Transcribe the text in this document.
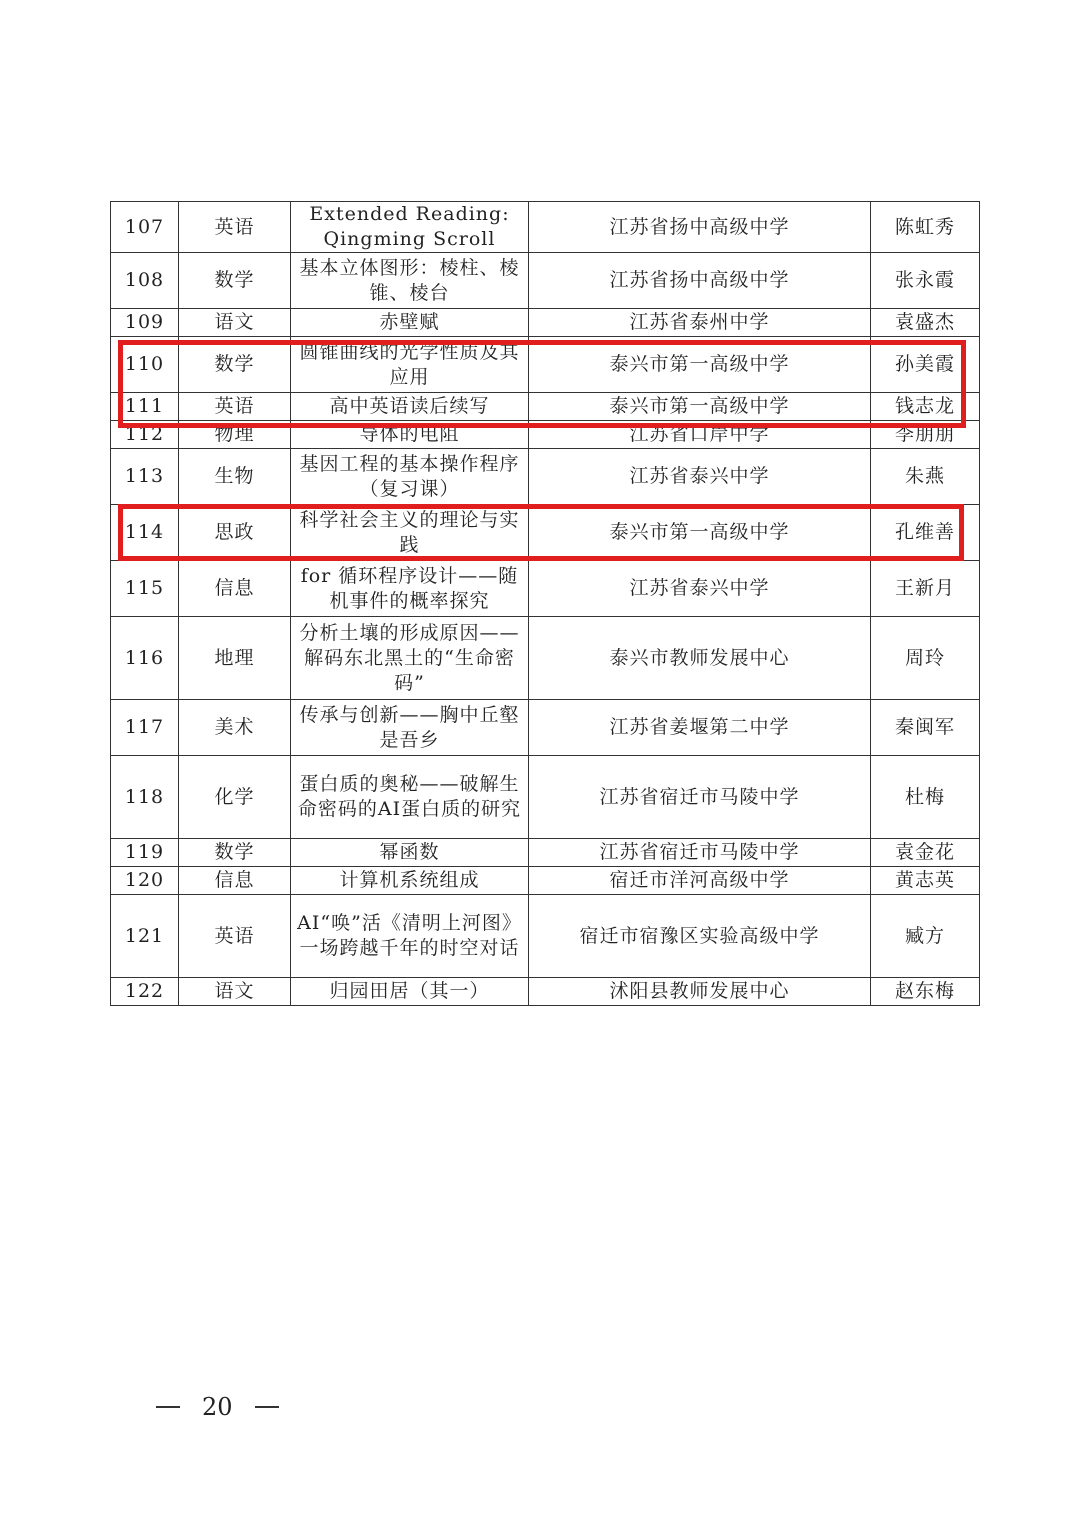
107	英语	Extended Reading: Qingming Scroll	江苏省扬中高级中学	陈虹秀
108	数学	基本立体图形：棱柱、棱锥、棱台	江苏省扬中高级中学	张永霞
109	语文	赤壁赋	江苏省泰州中学	袁盛杰
110	数学	圆锥曲线的光学性质及其应用	泰兴市第一高级中学	孙美霞
111	英语	高中英语读后续写	泰兴市第一高级中学	钱志龙
112	物理	导体的电阻	江苏省口岸中学	李朋朋
113	生物	基因工程的基本操作程序（复习课）	江苏省泰兴中学	朱燕
114	思政	科学社会主义的理论与实践	泰兴市第一高级中学	孔维善
115	信息	for 循环程序设计——随机事件的概率探究	江苏省泰兴中学	王新月
116	地理	分析土壤的形成原因——解码东北黑土的“生命密码”	泰兴市教师发展中心	周玲
117	美术	传承与创新——胸中丘壑是吾乡	江苏省姜堰第二中学	秦闽军
118	化学	蛋白质的奥秘——破解生命密码的AI蛋白质的研究	江苏省宿迁市马陵中学	杜梅
119	数学	幂函数	江苏省宿迁市马陵中学	袁金花
120	信息	计算机系统组成	宿迁市洋河高级中学	黄志英
121	英语	AI“唤”活《清明上河图》一场跨越千年的时空对话	宿迁市宿豫区实验高级中学	臧方
122	语文	归园田居（其一）	沭阳县教师发展中心	赵东梅
20
